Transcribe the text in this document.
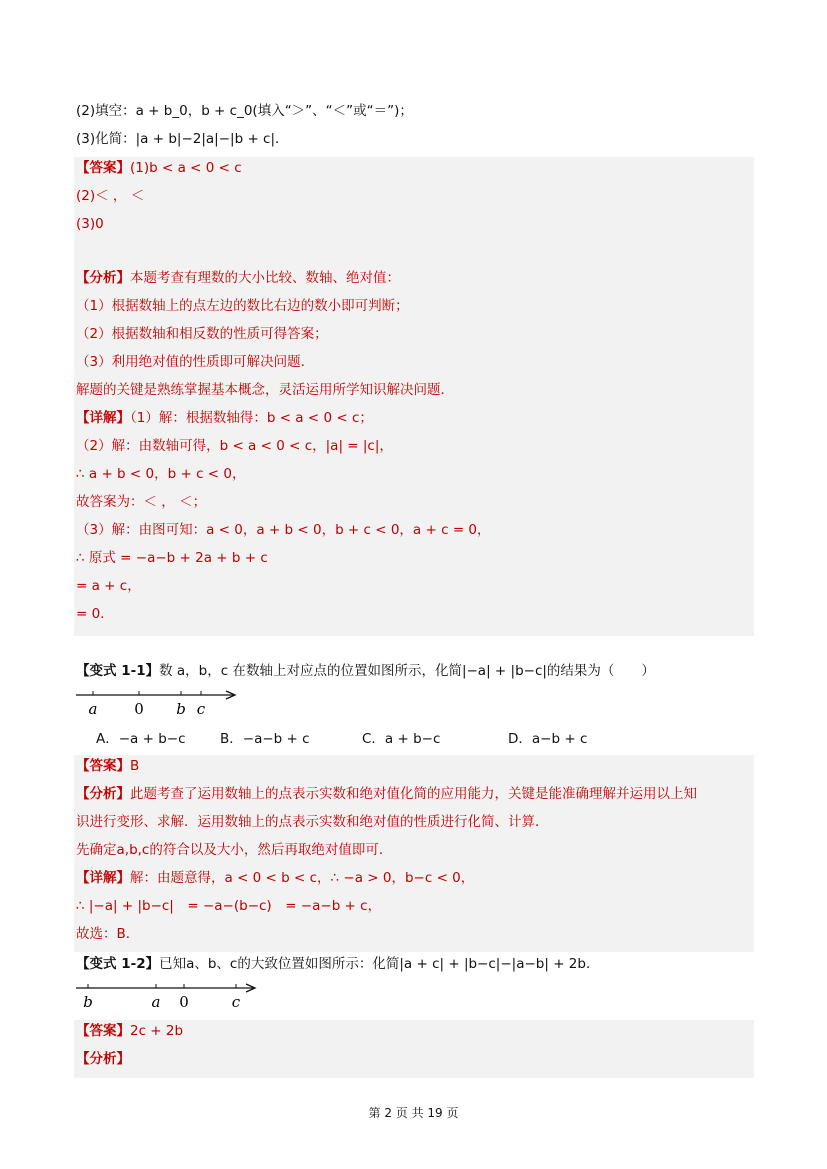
(2)填空：a + b_0，b + c_0(填入“＞”、“＜”或“＝”)；
(3)化简：|a + b|−2|a|−|b + c|．
【答案】(1)b < a < 0 < c
(2)＜ ， ＜
(3)0
【分析】本题考查有理数的大小比较、数轴、绝对值：
（1）根据数轴上的点左边的数比右边的数小即可判断；
（2）根据数轴和相反数的性质可得答案；
（3）利用绝对值的性质即可解决问题．
解题的关键是熟练掌握基本概念，灵活运用所学知识解决问题．
【详解】（1）解：根据数轴得：b < a < 0 < c；
（2）解：由数轴可得，b < a < 0 < c，|a| = |c|，
∴ a + b < 0，b + c < 0，
故答案为：＜ ， ＜；
（3）解：由图可知：a < 0，a + b < 0，b + c < 0，a + c = 0，
∴ 原式 = −a−b + 2a + b + c
= a + c，
= 0．
【变式 1-1】数 a，b，c 在数轴上对应点的位置如图所示，化简|−a| + |b−c|的结果为（　　）
a 0 b c
A．−a + b−c	B．−a−b + c	C．a + b−c	D．a−b + c
【答案】B
【分析】此题考查了运用数轴上的点表示实数和绝对值化简的应用能力，关键是能准确理解并运用以上知
识进行变形、求解．运用数轴上的点表示实数和绝对值的性质进行化简、计算．
先确定a,b,c的符合以及大小，然后再取绝对值即可．
【详解】解：由题意得，a < 0 < b < c，∴ −a > 0，b−c < 0，
∴ |−a| + |b−c|　= −a−(b−c)　= −a−b + c，
故选：B．
【变式 1-2】已知a、b、c的大致位置如图所示：化简|a + c| + |b−c|−|a−b| + 2b．
b	a 0	c
【答案】2c + 2b
【分析】
第 2 页 共 19 页
